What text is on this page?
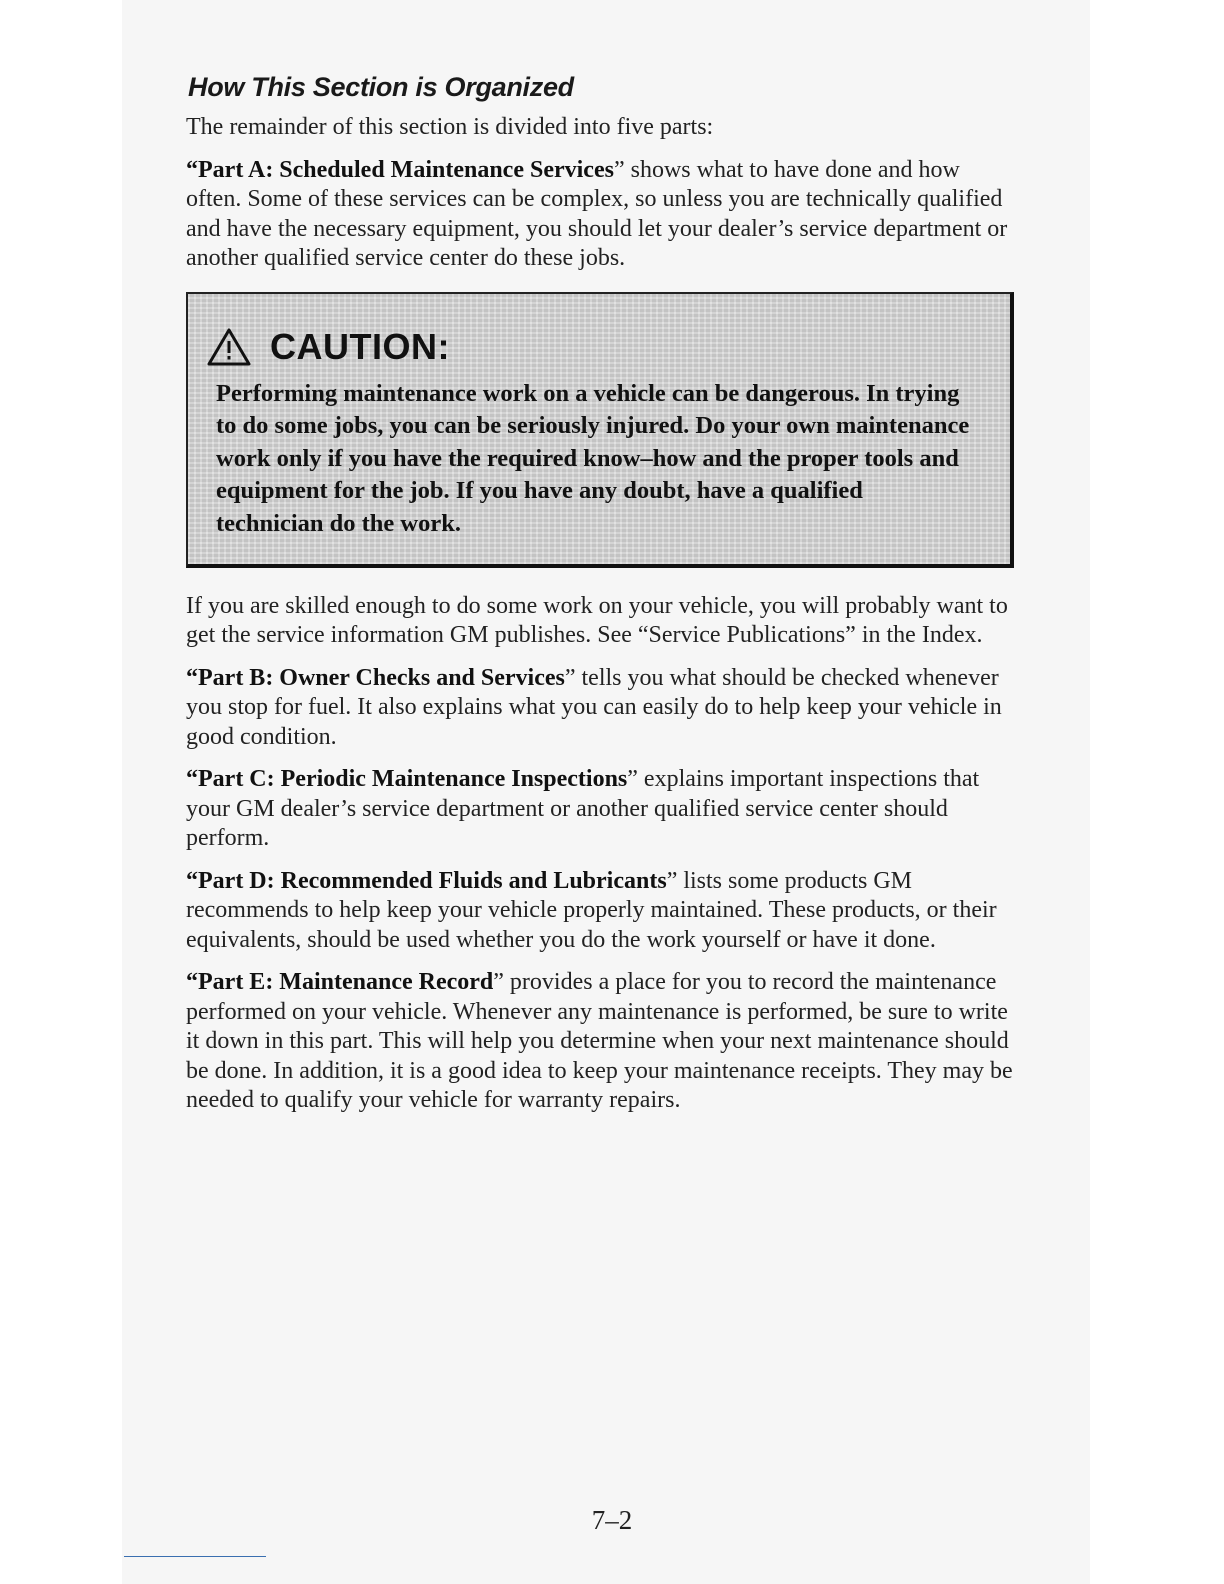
How This Section is Organized

The remainder of this section is divided into five parts:

“Part A: Scheduled Maintenance Services” shows what to have done and how often. Some of these services can be complex, so unless you are technically qualified and have the necessary equipment, you should let your dealer’s service department or another qualified service center do these jobs.

CAUTION:
Performing maintenance work on a vehicle can be dangerous. In trying to do some jobs, you can be seriously injured. Do your own maintenance work only if you have the required know–how and the proper tools and equipment for the job. If you have any doubt, have a qualified technician do the work.

If you are skilled enough to do some work on your vehicle, you will probably want to get the service information GM publishes. See “Service Publications” in the Index.

“Part B: Owner Checks and Services” tells you what should be checked whenever you stop for fuel. It also explains what you can easily do to help keep your vehicle in good condition.

“Part C: Periodic Maintenance Inspections” explains important inspections that your GM dealer’s service department or another qualified service center should perform.

“Part D: Recommended Fluids and Lubricants” lists some products GM recommends to help keep your vehicle properly maintained. These products, or their equivalents, should be used whether you do the work yourself or have it done.

“Part E: Maintenance Record” provides a place for you to record the maintenance performed on your vehicle. Whenever any maintenance is performed, be sure to write it down in this part. This will help you determine when your next maintenance should be done. In addition, it is a good idea to keep your maintenance receipts. They may be needed to qualify your vehicle for warranty repairs.

7–2
